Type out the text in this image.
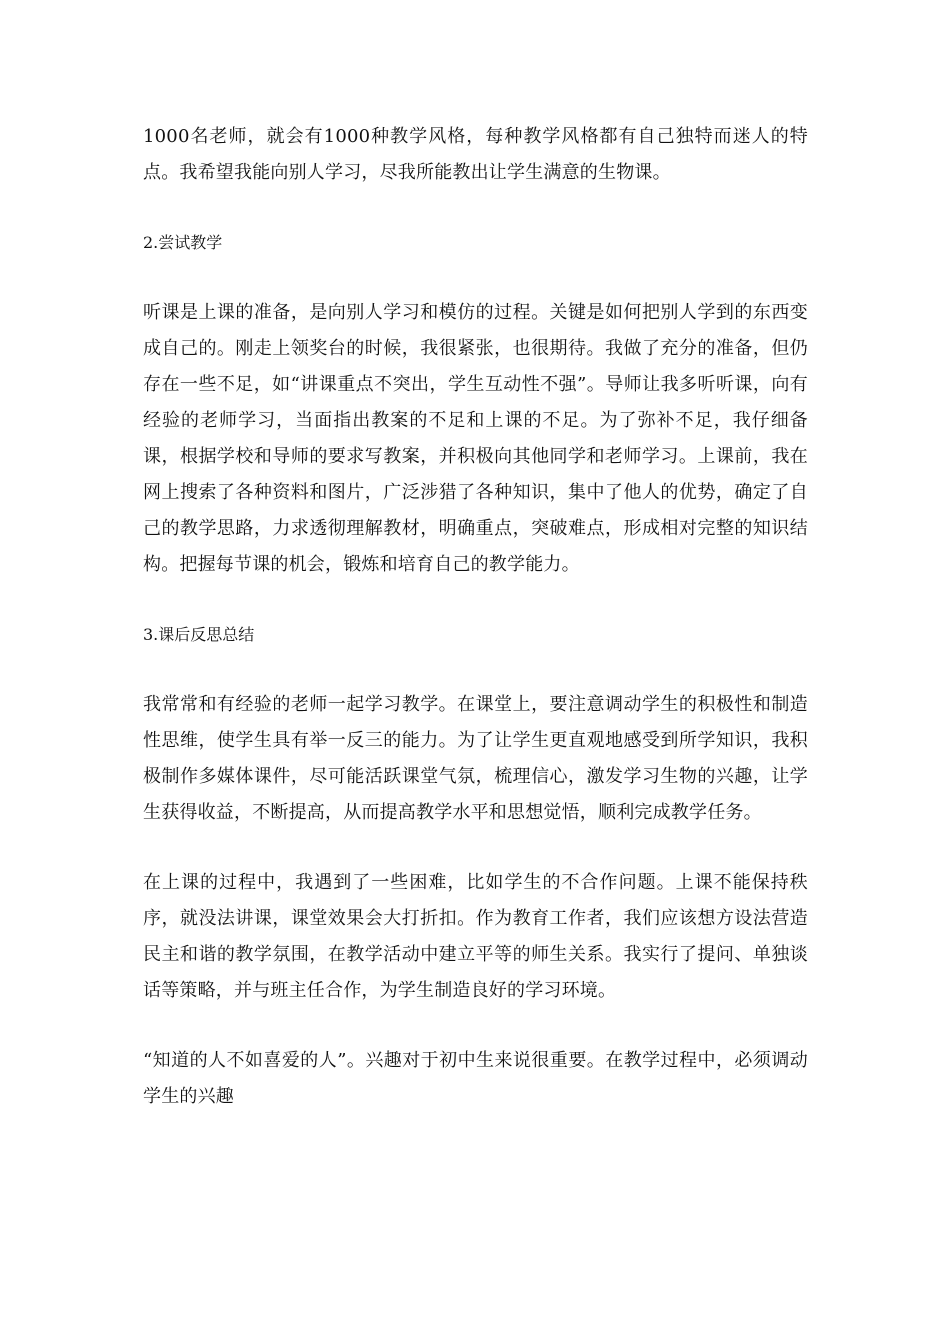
1000名老师，就会有1000种教学风格，每种教学风格都有自己独特而迷人的特点。我希望我能向别人学习，尽我所能教出让学生满意的生物课。

2.尝试教学

听课是上课的准备，是向别人学习和模仿的过程。关键是如何把别人学到的东西变成自己的。刚走上领奖台的时候，我很紧张，也很期待。我做了充分的准备，但仍存在一些不足，如“讲课重点不突出，学生互动性不强”。导师让我多听听课，向有经验的老师学习，当面指出教案的不足和上课的不足。为了弥补不足，我仔细备课，根据学校和导师的要求写教案，并积极向其他同学和老师学习。上课前，我在网上搜索了各种资料和图片，广泛涉猎了各种知识，集中了他人的优势，确定了自己的教学思路，力求透彻理解教材，明确重点，突破难点，形成相对完整的知识结构。把握每节课的机会，锻炼和培育自己的教学能力。

3.课后反思总结

我常常和有经验的老师一起学习教学。在课堂上，要注意调动学生的积极性和制造性思维，使学生具有举一反三的能力。为了让学生更直观地感受到所学知识，我积极制作多媒体课件，尽可能活跃课堂气氛，梳理信心，激发学习生物的兴趣，让学生获得收益，不断提高，从而提高教学水平和思想觉悟，顺利完成教学任务。

在上课的过程中，我遇到了一些困难，比如学生的不合作问题。上课不能保持秩序，就没法讲课，课堂效果会大打折扣。作为教育工作者，我们应该想方设法营造民主和谐的教学氛围，在教学活动中建立平等的师生关系。我实行了提问、单独谈话等策略，并与班主任合作，为学生制造良好的学习环境。

“知道的人不如喜爱的人”。兴趣对于初中生来说很重要。在教学过程中，必须调动学生的兴趣
